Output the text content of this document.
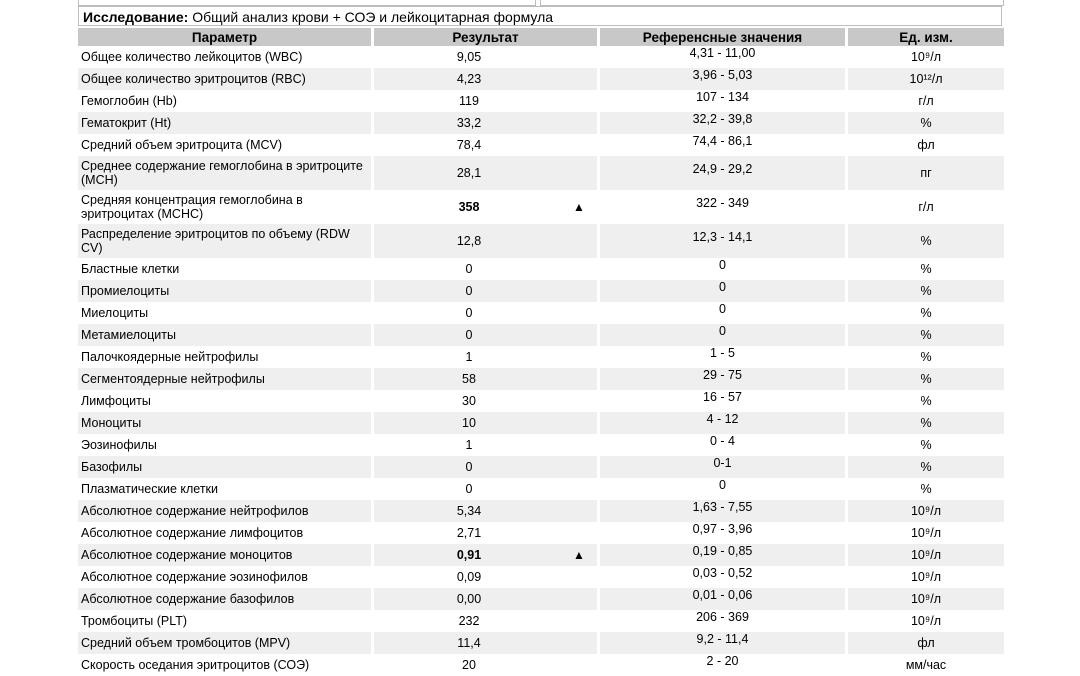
Исследование: Общий анализ крови + СОЭ и лейкоцитарная формула
Параметр	Результат	Референсные значения	Ед. изм.
Общее количество лейкоцитов (WBC)	9,05	4,31 - 11,00	10⁹/л
Общее количество эритроцитов (RBC)	4,23	3,96 - 5,03	10¹²/л
Гемоглобин (Hb)	119	107 - 134	г/л
Гематокрит (Ht)	33,2	32,2 - 39,8	%
Средний объем эритроцита (MCV)	78,4	74,4 - 86,1	фл
Среднее содержание гемоглобина в эритроците (МСН)	28,1	24,9 - 29,2	пг
Средняя концентрация гемоглобина в эритроцитах (МСНС)	358 ▲	322 - 349	г/л
Распределение эритроцитов по объему (RDW CV)	12,8	12,3 - 14,1	%
Бластные клетки	0	0	%
Промиелоциты	0	0	%
Миелоциты	0	0	%
Метамиелоциты	0	0	%
Палочкоядерные нейтрофилы	1	1 - 5	%
Сегментоядерные нейтрофилы	58	29 - 75	%
Лимфоциты	30	16 - 57	%
Моноциты	10	4 - 12	%
Эозинофилы	1	0 - 4	%
Базофилы	0	0-1	%
Плазматические клетки	0	0	%
Абсолютное содержание нейтрофилов	5,34	1,63 - 7,55	10⁹/л
Абсолютное содержание лимфоцитов	2,71	0,97 - 3,96	10⁹/л
Абсолютное содержание моноцитов	0,91 ▲	0,19 - 0,85	10⁹/л
Абсолютное содержание эозинофилов	0,09	0,03 - 0,52	10⁹/л
Абсолютное содержание базофилов	0,00	0,01 - 0,06	10⁹/л
Тромбоциты (PLT)	232	206 - 369	10⁹/л
Средний объем тромбоцитов (MPV)	11,4	9,2 - 11,4	фл
Скорость оседания эритроцитов (СОЭ)	20	2 - 20	мм/час
